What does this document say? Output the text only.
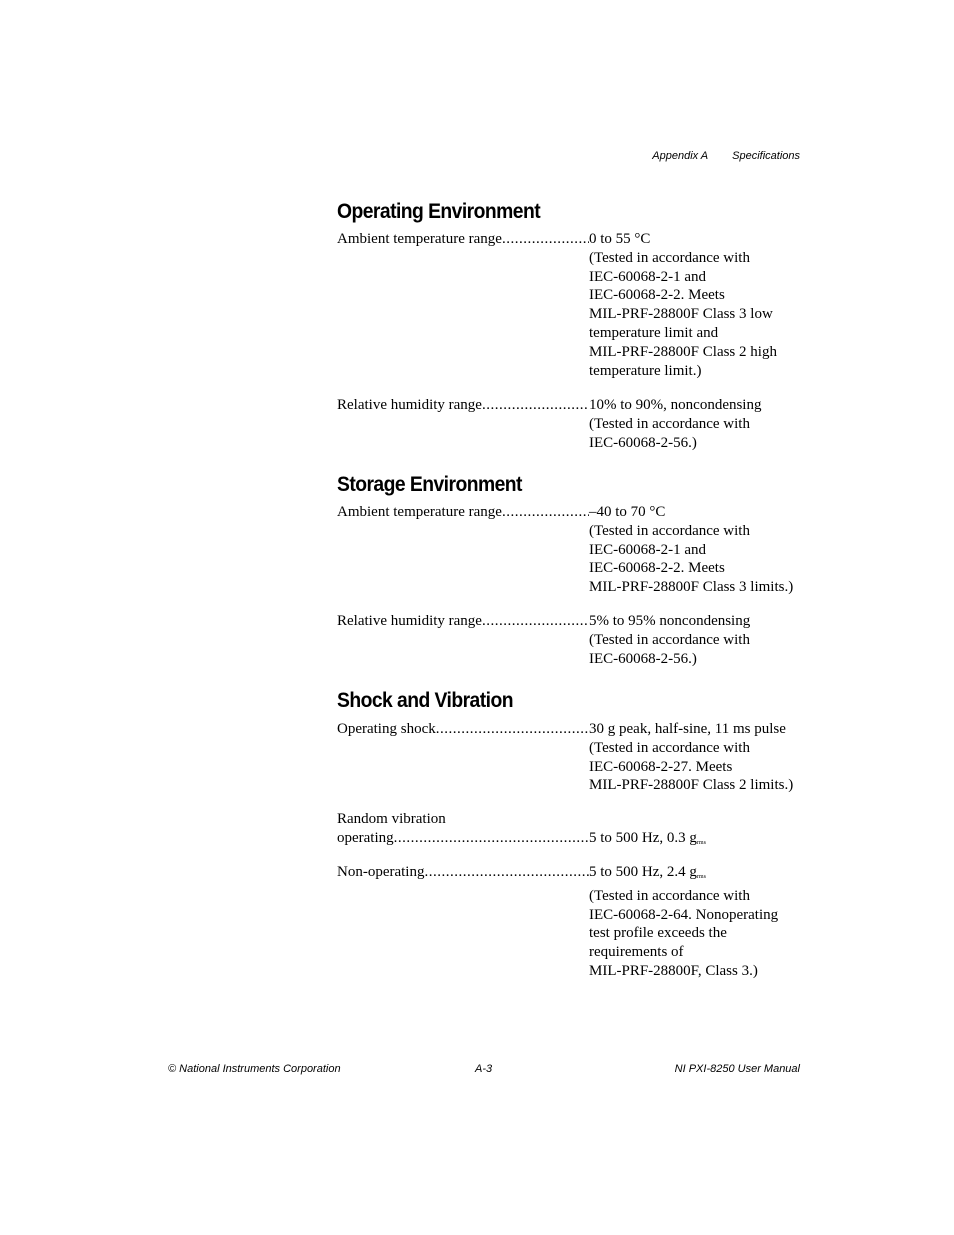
Appendix A Specifications
Operating Environment
Ambient temperature range .....	0 to 55 °C
(Tested in accordance with
IEC-60068-2-1 and
IEC-60068-2-2. Meets
MIL-PRF-28800F Class 3 low
temperature limit and
MIL-PRF-28800F Class 2 high
temperature limit.)
Relative humidity range .....	10% to 90%, noncondensing
(Tested in accordance with
IEC-60068-2-56.)
Storage Environment
Ambient temperature range .....	–40 to 70 °C
(Tested in accordance with
IEC-60068-2-1 and
IEC-60068-2-2. Meets
MIL-PRF-28800F Class 3 limits.)
Relative humidity range .....	5% to 95% noncondensing
(Tested in accordance with
IEC-60068-2-56.)
Shock and Vibration
Operating shock .....	30 g peak, half-sine, 11 ms pulse
(Tested in accordance with
IEC-60068-2-27. Meets
MIL-PRF-28800F Class 2 limits.)
Random vibration
operating .....	5 to 500 Hz, 0.3 $g_{rms}$
Non-operating .....	5 to 500 Hz, 2.4 $g_{rms}$
(Tested in accordance with
IEC-60068-2-64. Nonoperating
test profile exceeds the
requirements of
MIL-PRF-28800F, Class 3.)
© National Instruments Corporation	A-3	NI PXI-8250 User Manual
